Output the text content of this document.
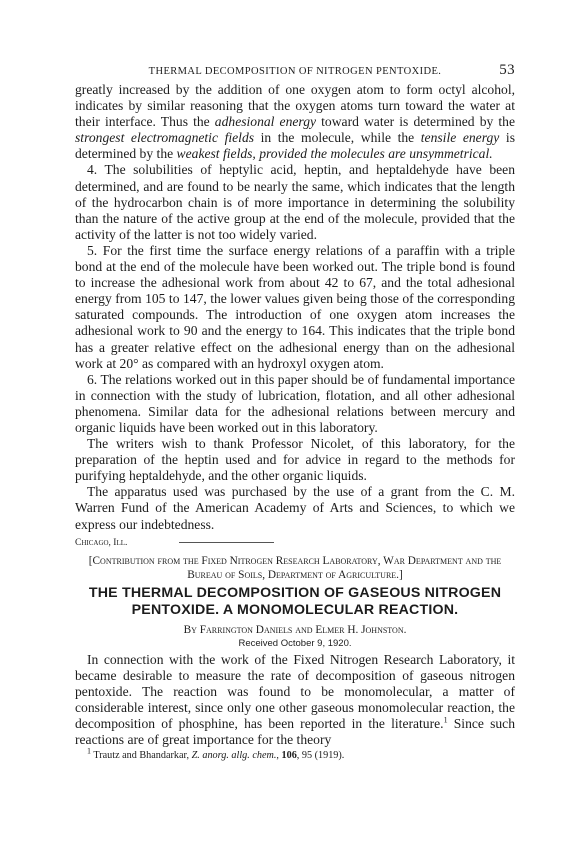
THERMAL DECOMPOSITION OF NITROGEN PENTOXIDE.	53

greatly increased by the addition of one oxygen atom to form octyl alcohol, indicates by similar reasoning that the oxygen atoms turn toward the water at their interface. Thus the adhesional energy toward water is determined by the strongest electromagnetic fields in the molecule, while the tensile energy is determined by the weakest fields, provided the molecules are unsymmetrical.

4. The solubilities of heptylic acid, heptin, and heptaldehyde have been determined, and are found to be nearly the same, which indicates that the length of the hydrocarbon chain is of more importance in determining the solubility than the nature of the active group at the end of the molecule, provided that the activity of the latter is not too widely varied.

5. For the first time the surface energy relations of a paraffin with a triple bond at the end of the molecule have been worked out. The triple bond is found to increase the adhesional work from about 42 to 67, and the total adhesional energy from 105 to 147, the lower values given being those of the corresponding saturated compounds. The introduction of one oxygen atom increases the adhesional work to 90 and the energy to 164. This indicates that the triple bond has a greater relative effect on the adhesional energy than on the adhesional work at 20° as compared with an hydroxyl oxygen atom.

6. The relations worked out in this paper should be of fundamental importance in connection with the study of lubrication, flotation, and all other adhesional phenomena. Similar data for the adhesional relations between mercury and organic liquids have been worked out in this laboratory.

The writers wish to thank Professor Nicolet, of this laboratory, for the preparation of the heptin used and for advice in regard to the methods for purifying heptaldehyde, and the other organic liquids.

The apparatus used was purchased by the use of a grant from the C. M. Warren Fund of the American Academy of Arts and Sciences, to which we express our indebtedness.

Chicago, Ill.
[Contribution from the Fixed Nitrogen Research Laboratory, War Department and the Bureau of Soils, Department of Agriculture.]
THE THERMAL DECOMPOSITION OF GASEOUS NITROGEN PENTOXIDE. A MONOMOLECULAR REACTION.
By Farrington Daniels and Elmer H. Johnston.
Received October 9, 1920.

In connection with the work of the Fixed Nitrogen Research Laboratory, it became desirable to measure the rate of decomposition of gaseous nitrogen pentoxide. The reaction was found to be monomolecular, a matter of considerable interest, since only one other gaseous monomolecular reaction, the decomposition of phosphine, has been reported in the literature.$^1$ Since such reactions are of great importance for the theory

$^1$ Trautz and Bhandarkar, Z. anorg. allg. chem., 106, 95 (1919).
